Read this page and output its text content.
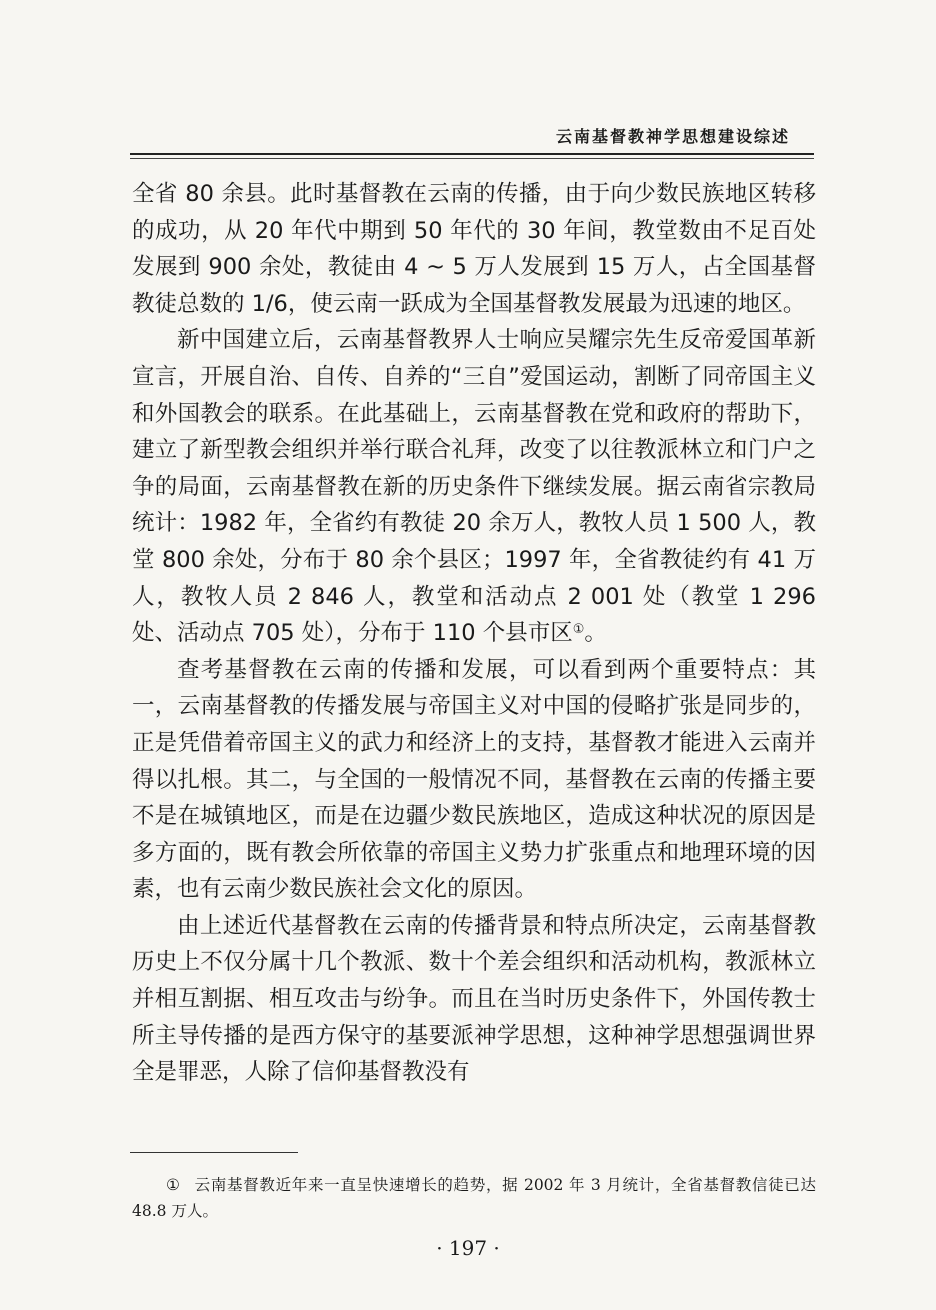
云南基督教神学思想建设综述

全省 80 余县。此时基督教在云南的传播，由于向少数民族地区转移的成功，从 20 年代中期到 50 年代的 30 年间，教堂数由不足百处发展到 900 余处，教徒由 4 ~ 5 万人发展到 15 万人，占全国基督教徒总数的 1/6，使云南一跃成为全国基督教发展最为迅速的地区。

新中国建立后，云南基督教界人士响应吴耀宗先生反帝爱国革新宣言，开展自治、自传、自养的“三自”爱国运动，割断了同帝国主义和外国教会的联系。在此基础上，云南基督教在党和政府的帮助下，建立了新型教会组织并举行联合礼拜，改变了以往教派林立和门户之争的局面，云南基督教在新的历史条件下继续发展。据云南省宗教局统计：1982 年，全省约有教徒 20 余万人，教牧人员 1 500 人，教堂 800 余处，分布于 80 余个县区；1997 年，全省教徒约有 41 万人，教牧人员 2 846 人，教堂和活动点 2 001 处（教堂 1 296 处、活动点 705 处），分布于 110 个县市区①。

查考基督教在云南的传播和发展，可以看到两个重要特点：其一，云南基督教的传播发展与帝国主义对中国的侵略扩张是同步的，正是凭借着帝国主义的武力和经济上的支持，基督教才能进入云南并得以扎根。其二，与全国的一般情况不同，基督教在云南的传播主要不是在城镇地区，而是在边疆少数民族地区，造成这种状况的原因是多方面的，既有教会所依靠的帝国主义势力扩张重点和地理环境的因素，也有云南少数民族社会文化的原因。

由上述近代基督教在云南的传播背景和特点所决定，云南基督教历史上不仅分属十几个教派、数十个差会组织和活动机构，教派林立并相互割据、相互攻击与纷争。而且在当时历史条件下，外国传教士所主导传播的是西方保守的基要派神学思想，这种神学思想强调世界全是罪恶，人除了信仰基督教没有

① 云南基督教近年来一直呈快速增长的趋势，据 2002 年 3 月统计，全省基督教信徒已达 48.8 万人。
· 197 ·
